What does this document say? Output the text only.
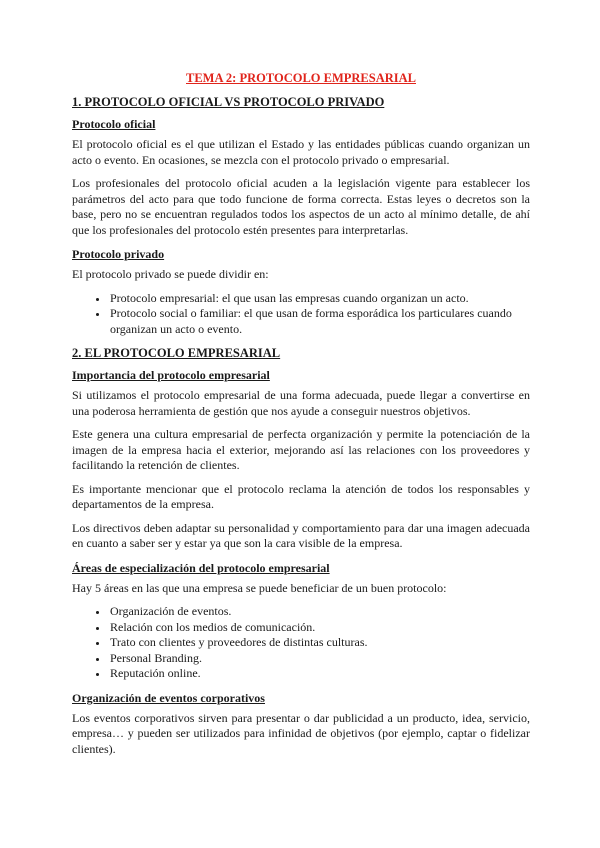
TEMA 2: PROTOCOLO EMPRESARIAL
1. PROTOCOLO OFICIAL VS PROTOCOLO PRIVADO
Protocolo oficial

El protocolo oficial es el que utilizan el Estado y las entidades públicas cuando organizan un acto o evento. En ocasiones, se mezcla con el protocolo privado o empresarial.

Los profesionales del protocolo oficial acuden a la legislación vigente para establecer los parámetros del acto para que todo funcione de forma correcta. Estas leyes o decretos son la base, pero no se encuentran regulados todos los aspectos de un acto al mínimo detalle, de ahí que los profesionales del protocolo estén presentes para interpretarlas.

Protocolo privado

El protocolo privado se puede dividir en:

• Protocolo empresarial: el que usan las empresas cuando organizan un acto.
• Protocolo social o familiar: el que usan de forma esporádica los particulares cuando organizan un acto o evento.
2. EL PROTOCOLO EMPRESARIAL
Importancia del protocolo empresarial

Si utilizamos el protocolo empresarial de una forma adecuada, puede llegar a convertirse en una poderosa herramienta de gestión que nos ayude a conseguir nuestros objetivos.

Este genera una cultura empresarial de perfecta organización y permite la potenciación de la imagen de la empresa hacia el exterior, mejorando así las relaciones con los proveedores y facilitando la retención de clientes.

Es importante mencionar que el protocolo reclama la atención de todos los responsables y departamentos de la empresa.

Los directivos deben adaptar su personalidad y comportamiento para dar una imagen adecuada en cuanto a saber ser y estar ya que son la cara visible de la empresa.

Áreas de especialización del protocolo empresarial

Hay 5 áreas en las que una empresa se puede beneficiar de un buen protocolo:

• Organización de eventos.
• Relación con los medios de comunicación.
• Trato con clientes y proveedores de distintas culturas.
• Personal Branding.
• Reputación online.
Organización de eventos corporativos

Los eventos corporativos sirven para presentar o dar publicidad a un producto, idea, servicio, empresa… y pueden ser utilizados para infinidad de objetivos (por ejemplo, captar o fidelizar clientes).
